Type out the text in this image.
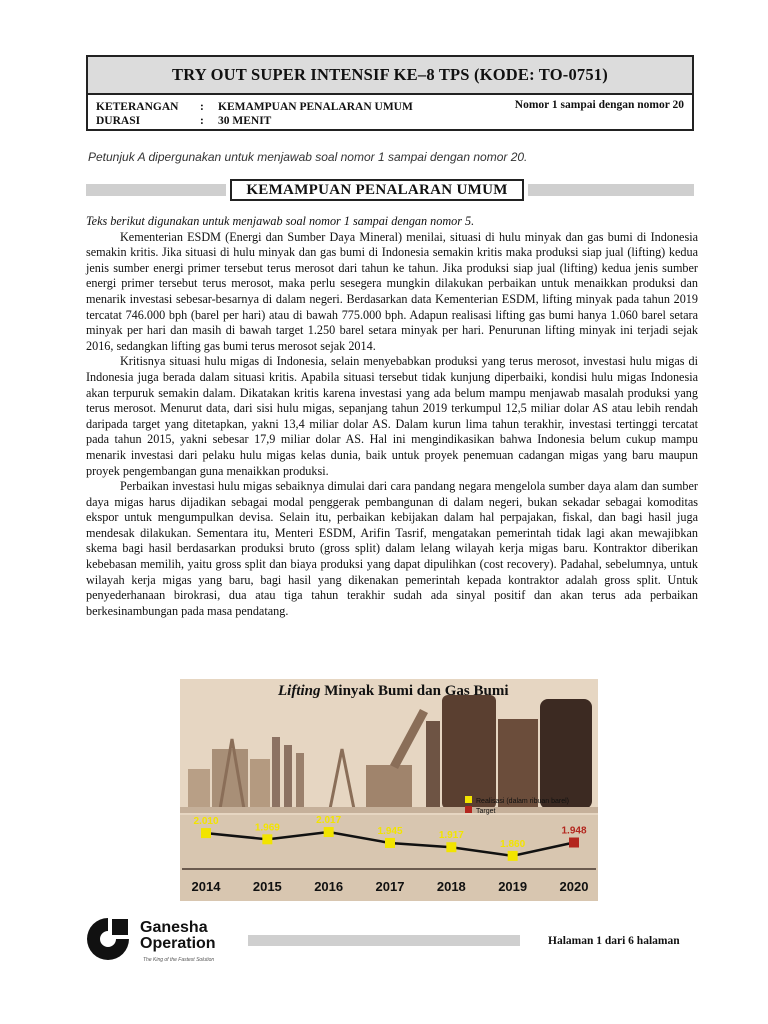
TRY OUT SUPER INTENSIF KE–8 TPS (KODE: TO-0751)
KETERANGAN	:	KEMAMPUAN PENALARAN UMUM
DURASI	:	30 MENIT
Nomor 1 sampai dengan nomor 20
Petunjuk A dipergunakan untuk menjawab soal nomor 1 sampai dengan nomor 20.
KEMAMPUAN PENALARAN UMUM

Teks berikut digunakan untuk menjawab soal nomor 1 sampai dengan nomor 5.

Kementerian ESDM (Energi dan Sumber Daya Mineral) menilai, situasi di hulu minyak dan gas bumi di Indonesia semakin kritis. Jika situasi di hulu minyak dan gas bumi di Indonesia semakin kritis maka produksi siap jual (lifting) kedua jenis sumber energi primer tersebut terus merosot dari tahun ke tahun. Jika produksi siap jual (lifting) kedua jenis sumber energi primer tersebut terus merosot, maka perlu sesegera mungkin dilakukan perbaikan untuk menaikkan produksi dan menarik investasi sebesar-besarnya di dalam negeri. Berdasarkan data Kementerian ESDM, lifting minyak pada tahun 2019 tercatat 746.000 bph (barel per hari) atau di bawah 775.000 bph. Adapun realisasi lifting gas bumi hanya 1.060 barel setara minyak per hari dan masih di bawah target 1.250 barel setara minyak per hari. Penurunan lifting minyak ini terjadi sejak 2016, sedangkan lifting gas bumi terus merosot sejak 2014.

Kritisnya situasi hulu migas di Indonesia, selain menyebabkan produksi yang terus merosot, investasi hulu migas di Indonesia juga berada dalam situasi kritis. Apabila situasi tersebut tidak kunjung diperbaiki, kondisi hulu migas Indonesia akan terpuruk semakin dalam. Dikatakan kritis karena investasi yang ada belum mampu menjawab masalah produksi yang terus merosot. Menurut data, dari sisi hulu migas, sepanjang tahun 2019 terkumpul 12,5 miliar dolar AS atau lebih rendah daripada target yang ditetapkan, yakni 13,4 miliar dolar AS. Dalam kurun lima tahun terakhir, investasi tertinggi tercatat pada tahun 2015, yakni sebesar 17,9 miliar dolar AS. Hal ini mengindikasikan bahwa Indonesia belum cukup mampu menarik investasi dari pelaku hulu migas kelas dunia, baik untuk proyek penemuan cadangan migas yang baru maupun proyek pengembangan guna menaikkan produksi.

Perbaikan investasi hulu migas sebaiknya dimulai dari cara pandang negara mengelola sumber daya alam dan sumber daya migas harus dijadikan sebagai modal penggerak pembangunan di dalam negeri, bukan sekadar sebagai komoditas ekspor untuk mengumpulkan devisa. Selain itu, perbaikan kebijakan dalam hal perpajakan, fiskal, dan bagi hasil juga mendesak dilakukan. Sementara itu, Menteri ESDM, Arifin Tasrif, mengatakan pemerintah tidak lagi akan mewajibkan skema bagi hasil berdasarkan produksi bruto (gross split) dalam lelang wilayah kerja migas baru. Kontraktor diberikan kebebasan memilih, yaitu gross split dan biaya produksi yang dapat dipulihkan (cost recovery). Padahal, sebelumnya, untuk wilayah kerja migas yang baru, bagi hasil yang dikenakan pemerintah kepada kontraktor adalah gross split. Untuk penyederhanaan birokrasi, dua atau tiga tahun terakhir sudah ada sinyal positif dan akan terus ada perbaikan berkesinambungan pada masa pendatang.

Lifting Minyak Bumi dan Gas Bumi
Realisasi (dalam ribuan barel)
Target
2.010
1.969
2.017
1.945	1.917
1.860
1.948
2014 2015 2016 2017 2018 2019 2020
Ganesha
Operation
The King of the Fastest Solution
Halaman 1 dari 6 halaman
